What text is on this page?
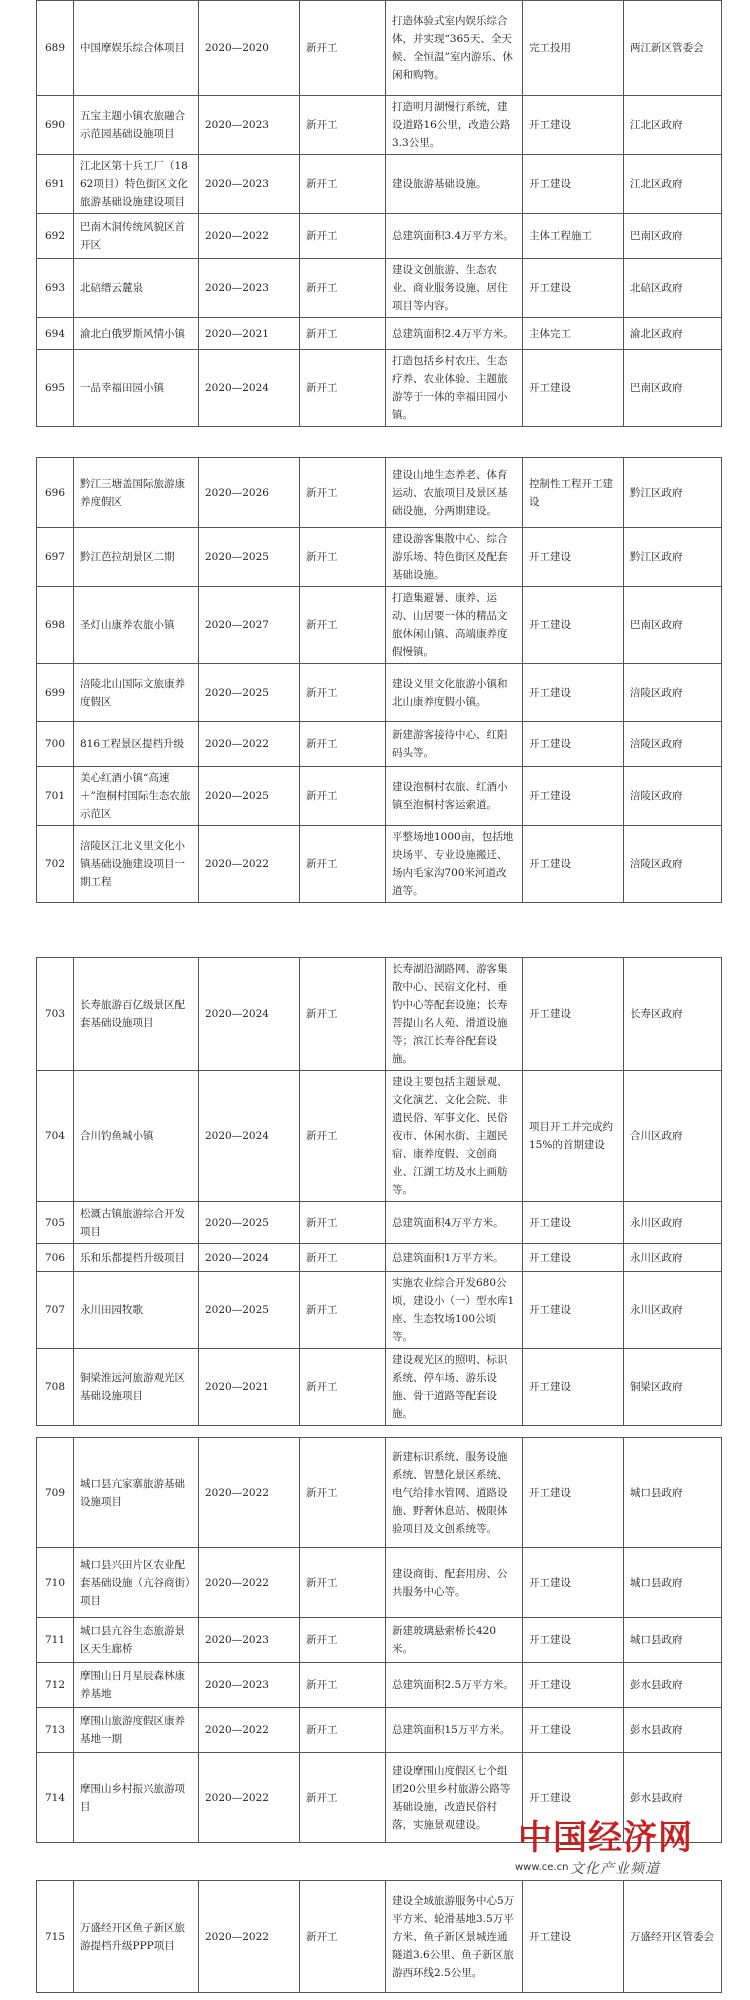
689	中国摩娱乐综合体项目	2020—2020	新开工	打造体验式室内娱乐综合体，并实现“365天、全天候、全恒温”室内游乐、休闲和购物。	完工投用	两江新区管委会
690	五宝主题小镇农旅融合示范园基础设施项目	2020—2023	新开工	打造明月湖慢行系统，建设道路16公里，改造公路3.3公里。	开工建设	江北区政府
691	江北区第十兵工厂（1862项目）特色街区文化旅游基础设施建设项目	2020—2023	新开工	建设旅游基础设施。	开工建设	江北区政府
692	巴南木洞传统风貌区首开区	2020—2022	新开工	总建筑面积3.4万平方米。	主体工程施工	巴南区政府
693	北碚缙云麓泉	2020—2023	新开工	建设文创旅游、生态农业、商业服务设施、居住项目等内容。	开工建设	北碚区政府
694	渝北白俄罗斯风情小镇	2020—2021	新开工	总建筑面积2.4万平方米。	主体完工	渝北区政府
695	一品幸福田园小镇	2020—2024	新开工	打造包括乡村农庄、生态疗养、农业体验、主题旅游等于一体的幸福田园小镇。	开工建设	巴南区政府
696	黔江三塘盖国际旅游康养度假区	2020—2026	新开工	建设山地生态养老、体育运动、农旅项目及景区基础设施，分两期建设。	控制性工程开工建设	黔江区政府
697	黔江芭拉胡景区二期	2020—2025	新开工	建设游客集散中心、综合游乐场、特色街区及配套基础设施。	开工建设	黔江区政府
698	圣灯山康养农旅小镇	2020—2027	新开工	打造集避暑、康养、运动、山居要一体的精品文旅休闲山镇、高端康养度假慢镇。	开工建设	巴南区政府
699	涪陵北山国际文旅康养度假区	2020—2025	新开工	建设义里文化旅游小镇和北山康养度假小镇。	开工建设	涪陵区政府
700	816工程景区提档升级	2020—2022	新开工	新建游客接待中心、红阳码头等。	开工建设	涪陵区政府
701	美心红酒小镇“高速＋”泡桐村国际生态农旅示范区	2020—2025	新开工	建设泡桐村农旅、红酒小镇至泡桐村客运索道。	开工建设	涪陵区政府
702	涪陵区江北义里文化小镇基础设施建设项目一期工程	2020—2022	新开工	平整场地1000亩，包括地块场平、专业设施搬迁、场内毛家沟700米河道改道等。	开工建设	涪陵区政府
703	长寿旅游百亿级景区配套基础设施项目	2020—2024	新开工	长寿湖沿湖路网、游客集散中心、民宿文化村、垂钓中心等配套设施；长寿菩提山名人苑、滑道设施等；滨江长寿谷配套设施。	开工建设	长寿区政府
704	合川钓鱼城小镇	2020—2024	新开工	建设主要包括主题景观、文化演艺、文化会院、非遗民俗、军事文化、民俗夜市、休闲水街、主题民宿、康养度假、文创商业、江湖工坊及水上画舫等。	项目开工并完成约15%的首期建设	合川区政府
705	松溉古镇旅游综合开发项目	2020—2025	新开工	总建筑面积4万平方米。	开工建设	永川区政府
706	乐和乐都提档升级项目	2020—2024	新开工	总建筑面积1万平方米。	开工建设	永川区政府
707	永川田园牧歌	2020—2025	新开工	实施农业综合开发680公顷，建设小（一）型水库1座、生态牧场100公顷等。	开工建设	永川区政府
708	铜梁淮远河旅游观光区基础设施项目	2020—2021	新开工	建设观光区的照明、标识系统、停车场、游乐设施、骨干道路等配套设施。	开工建设	铜梁区政府
709	城口县亢家寨旅游基础设施项目	2020—2022	新开工	新建标识系统、服务设施系统、智慧化景区系统、电气给排水管网、道路设施、野奢休息站、极限体验项目及文创系统等。	开工建设	城口县政府
710	城口县兴田片区农业配套基础设施（亢谷商街）项目	2020—2022	新开工	建设商街、配套用房、公共服务中心等。	开工建设	城口县政府
711	城口县亢谷生态旅游景区天生廊桥	2020—2023	新开工	新建玻璃悬索桥长420米。	开工建设	城口县政府
712	摩围山日月星辰森林康养基地	2020—2023	新开工	总建筑面积2.5万平方米。	开工建设	彭水县政府
713	摩围山旅游度假区康养基地一期	2020—2022	新开工	总建筑面积15万平方米。	开工建设	彭水县政府
714	摩围山乡村振兴旅游项目	2020—2022	新开工	建设摩围山度假区七个组团20公里乡村旅游公路等基础设施，改造民俗村落，实施景观建设。	开工建设	彭水县政府
715	万盛经开区鱼子新区旅游提档升级PPP项目	2020—2022	新开工	建设全域旅游服务中心5万平方米、轮滑基地3.5万平方米、鱼子新区景城连通隧道3.6公里、鱼子新区旅游西环线2.5公里。	开工建设	万盛经开区管委会
中国经济网
www.ce.cn 文化产业频道
